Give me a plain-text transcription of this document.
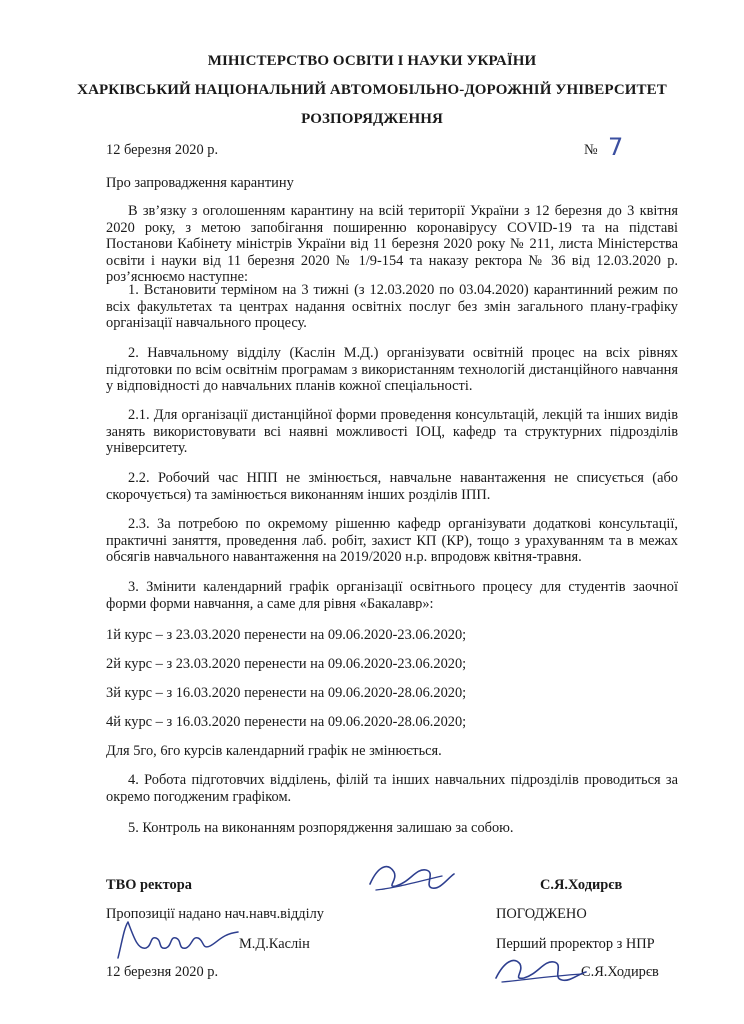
МІНІСТЕРСТВО ОСВІТИ І НАУКИ УКРАЇНИ
ХАРКІВСЬКИЙ НАЦІОНАЛЬНИЙ АВТОМОБІЛЬНО-ДОРОЖНІЙ УНІВЕРСИТЕТ
РОЗПОРЯДЖЕННЯ
12 березня 2020 р.	№ 7
Про запровадження карантину
В зв’язку з оголошенням карантину на всій території України з 12 березня до 3 квітня 2020 року, з метою запобігання поширенню коронавірусу COVID-19 та на підставі Постанови Кабінету міністрів України від 11 березня 2020 року № 211, листа Міністерства освіти і науки від 11 березня 2020 № 1/9-154 та наказу ректора № 36 від 12.03.2020 р. роз’яснюємо наступне:
1. Встановити терміном на 3 тижні (з 12.03.2020 по 03.04.2020) карантинний режим по всіх факультетах та центрах надання освітніх послуг без змін загального плану-графіку організації навчального процесу.
2. Навчальному відділу (Каслін М.Д.) організувати освітній процес на всіх рівнях підготовки по всім освітнім програмам з використанням технологій дистанційного навчання у відповідності до навчальних планів кожної спеціальності.
2.1. Для організації дистанційної форми проведення консультацій, лекцій та інших видів занять використовувати всі наявні можливості ІОЦ, кафедр та структурних підрозділів університету.
2.2. Робочий час НПП не змінюється, навчальне навантаження не списується (або скорочується) та замінюється виконанням інших розділів ІПП.
2.3. За потребою по окремому рішенню кафедр організувати додаткові консультації, практичні заняття, проведення лаб. робіт, захист КП (КР), тощо з урахуванням та в межах обсягів навчального навантаження на 2019/2020 н.р. впродовж квітня-травня.
3. Змінити календарний графік організації освітнього процесу для студентів заочної форми форми навчання, а саме для рівня «Бакалавр»:
1й курс – з 23.03.2020 перенести на 09.06.2020-23.06.2020;
2й курс – з 23.03.2020 перенести на 09.06.2020-23.06.2020;
3й курс – з 16.03.2020 перенести на 09.06.2020-28.06.2020;
4й курс – з 16.03.2020 перенести на 09.06.2020-28.06.2020;
Для 5го, 6го курсів календарний графік не змінюється.
4. Робота підготовчих відділень, філій та інших навчальних підрозділів проводиться за окремо погодженим графіком.
5. Контроль на виконанням розпорядження залишаю за собою.
ТВО ректора	С.Я.Ходирєв
Пропозиції надано нач.навч.відділу
М.Д.Каслін
12 березня 2020 р.
ПОГОДЖЕНО
Перший проректор з НПР
С.Я.Ходирєв
